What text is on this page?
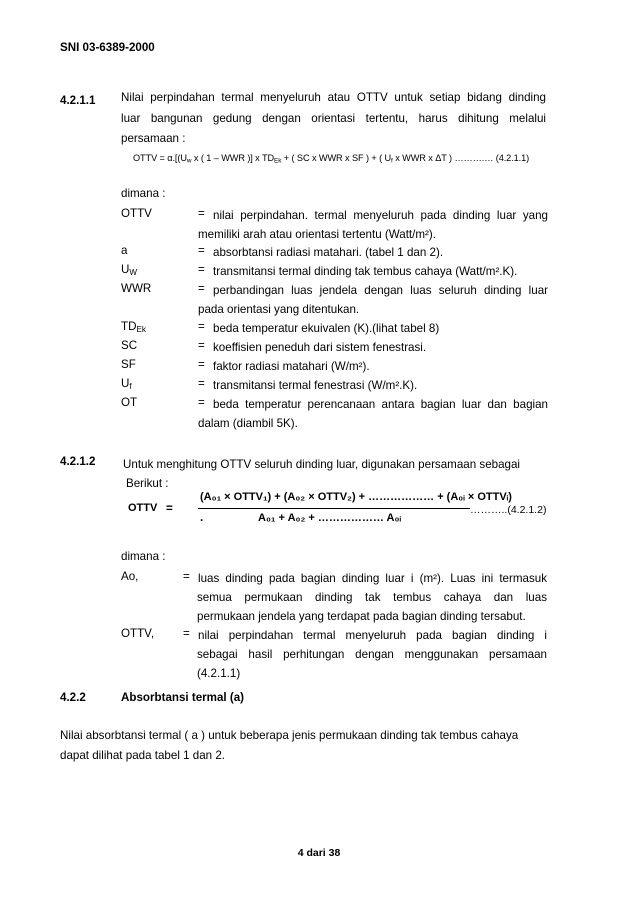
SNI 03-6389-2000
4.2.1.1 Nilai perpindahan termal menyeluruh atau OTTV untuk setiap bidang dinding
luar bangunan gedung dengan orientasi tertentu, harus dihitung melalui
persamaan :
OTTV = $\alpha.[(U_w$ x ( 1 – WWR )] x $TD_{Ek}$ + ( SC x WWR x SF ) + ( $U_f$ x WWR x ΔT ) ……….… (4.2.1.1)
dimana :
OTTV	= nilai perpindahan. termal menyeluruh pada dinding luar yang
memiliki arah atau orientasi tertentu (Watt/m²).
a	= absorbtansi radiasi matahari. (tabel 1 dan 2).
$U_W$	= transmitansi termal dinding tak tembus cahaya (Watt/m².K).
WWR	= perbandingan luas jendela dengan luas seluruh dinding luar
pada orientasi yang ditentukan.
$TD_{Ek}$	= beda temperatur ekuivalen (K).(lihat tabel 8)
SC	= koeffisien peneduh dari sistem fenestrasi.
SF	= faktor radiasi matahari (W/m²).
$U_f$	= transmitansi termal fenestrasi (W/m².K).
OT	= beda temperatur perencanaan antara bagian luar dan bagian
dalam (diambil 5K).
4.2.1.2 Untuk menghitung OTTV seluruh dinding luar, digunakan persamaan sebagai
Berikut :
OTTV =
(A₀₁ × OTTV₁) + (A₀₂ × OTTV₂) + ……………… + (A₀ᵢ × OTTVᵢ)
.	A₀₁ + A₀₂ + ……………… A₀ᵢ
………..(4.2.1.2)
dimana :
Ao,	= luas dinding pada bagian dinding luar i (m²). Luas ini termasuk
semua permukaan dinding tak tembus cahaya dan luas
permukaan jendela yang terdapat pada bagian dinding tersabut.
OTTV, = nilai perpindahan termal menyeluruh pada bagian dinding i
sebagai hasil perhitungan dengan menggunakan persamaan
(4.2.1.1)
4.2.2	Absorbtansi termal (a)
Nilai absorbtansi termal ( a ) untuk beberapa jenis permukaan dinding tak tembus cahaya
dapat dilihat pada tabel 1 dan 2.
4 dari 38
